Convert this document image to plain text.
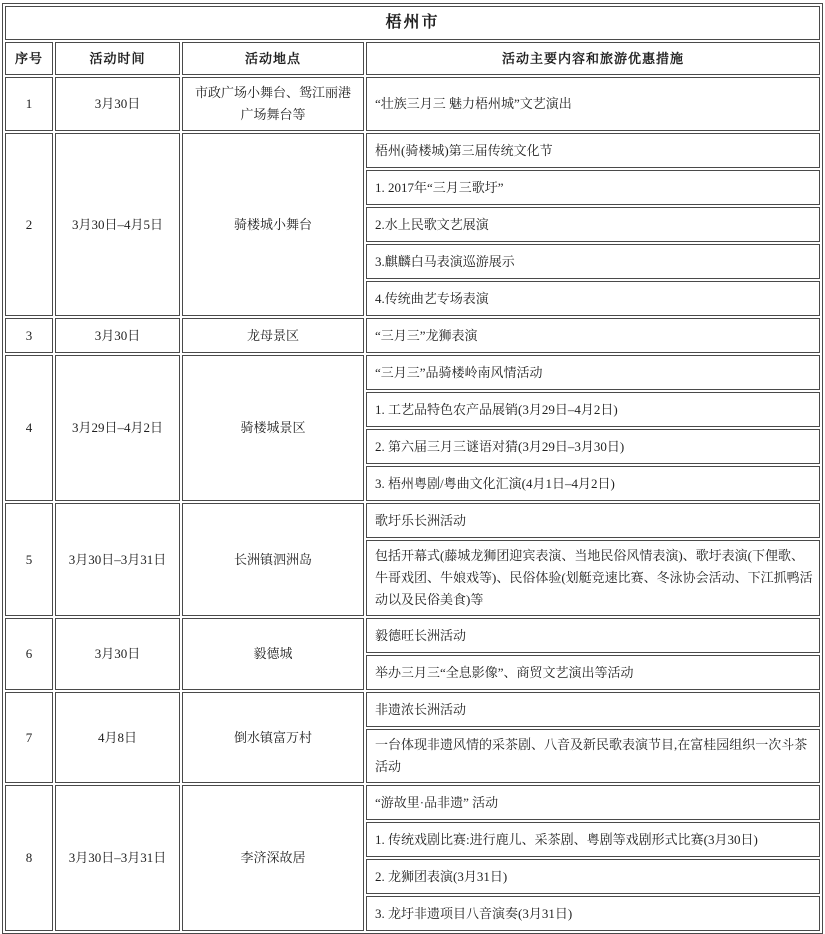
梧州市			
序号	活动时间	活动地点	活动主要内容和旅游优惠措施
1	3月30日	市政广场小舞台、鸳江丽港广场舞台等	“壮族三月三 魅力梧州城”文艺演出
2	3月30日–4月5日	骑楼城小舞台	梧州(骑楼城)第三届传统文化节
			1. 2017年“三月三歌圩”
			2.水上民歌文艺展演
			3.麒麟白马表演巡游展示
			4.传统曲艺专场表演
3	3月30日	龙母景区	“三月三”龙狮表演
4	3月29日–4月2日	骑楼城景区	“三月三”品骑楼岭南风情活动
			1. 工艺品特色农产品展销(3月29日–4月2日)
			2. 第六届三月三谜语对猜(3月29日–3月30日)
			3. 梧州粤剧/粤曲文化汇演(4月1日–4月2日)
5	3月30日–3月31日	长洲镇泗洲岛	歌圩乐长洲活动
			包括开幕式(藤城龙狮团迎宾表演、当地民俗风情表演)、歌圩表演(下俚歌、牛哥戏团、牛娘戏等)、民俗体验(划艇竞速比赛、冬泳协会活动、下江抓鸭活动以及民俗美食)等
6	3月30日	毅德城	毅德旺长洲活动
			举办三月三“全息影像”、商贸文艺演出等活动
7	4月8日	倒水镇富万村	非遗浓长洲活动
			一台体现非遗风情的采茶剧、八音及新民歌表演节目,在富桂园组织一次斗茶活动
8	3月30日–3月31日	李济深故居	“游故里·品非遗” 活动
			1. 传统戏剧比赛:进行鹿儿、采茶剧、粤剧等戏剧形式比赛(3月30日)
			2. 龙狮团表演(3月31日)
			3. 龙圩非遗项目八音演奏(3月31日)
